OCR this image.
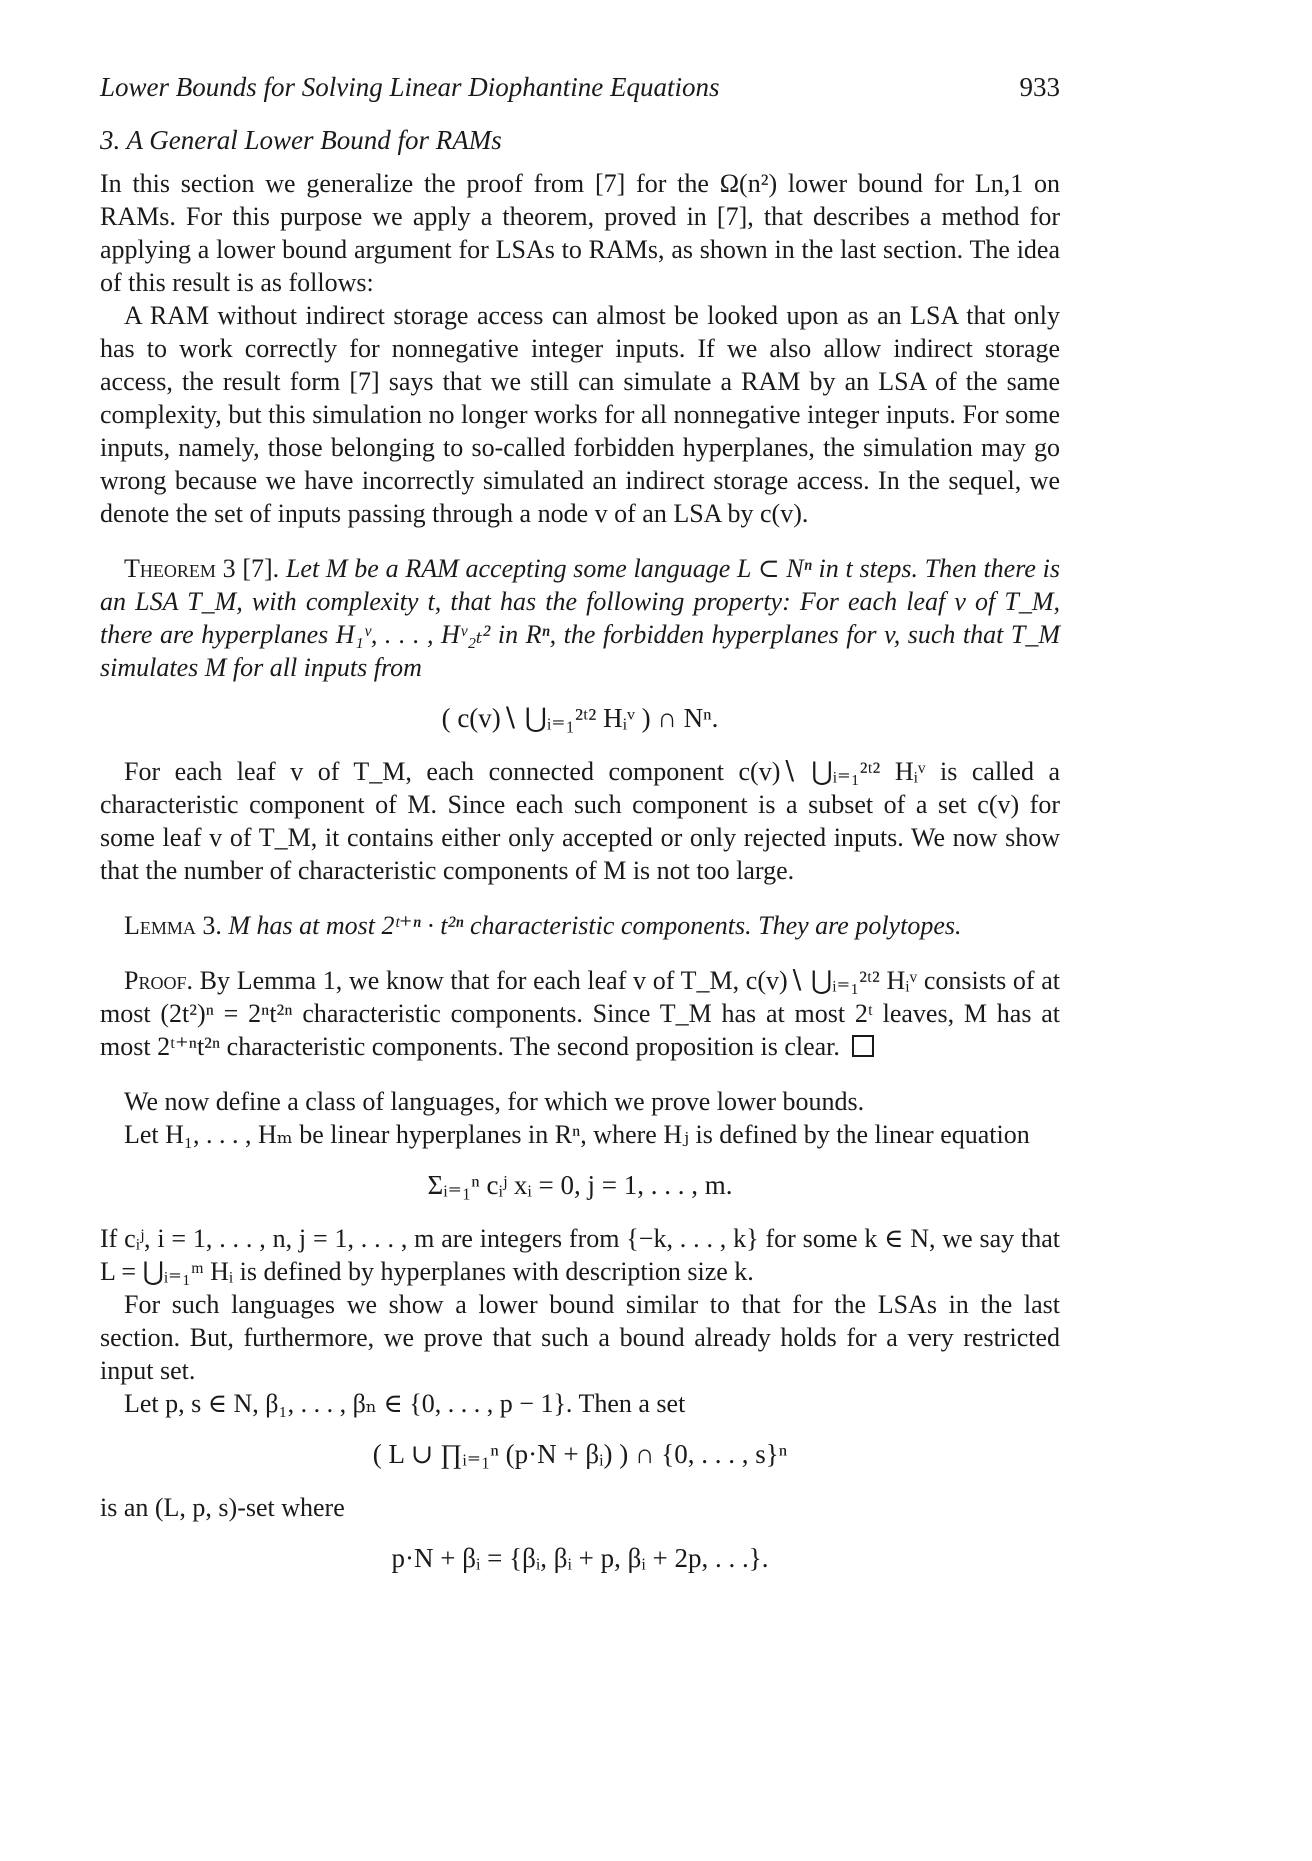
Lower Bounds for Solving Linear Diophantine Equations	933
3. A General Lower Bound for RAMs

In this section we generalize the proof from [7] for the Ω(n²) lower bound for Ln,1 on RAMs. For this purpose we apply a theorem, proved in [7], that describes a method for applying a lower bound argument for LSAs to RAMs, as shown in the last section. The idea of this result is as follows:

A RAM without indirect storage access can almost be looked upon as an LSA that only has to work correctly for nonnegative integer inputs. If we also allow indirect storage access, the result form [7] says that we still can simulate a RAM by an LSA of the same complexity, but this simulation no longer works for all nonnegative integer inputs. For some inputs, namely, those belonging to so-called forbidden hyperplanes, the simulation may go wrong because we have incorrectly simulated an indirect storage access. In the sequel, we denote the set of inputs passing through a node v of an LSA by c(v).

Theorem 3 [7]. Let M be a RAM accepting some language L ⊂ Nⁿ in t steps. Then there is an LSA T_M, with complexity t, that has the following property: For each leaf v of T_M, there are hyperplanes H₁ᵛ, . . . , Hᵛ₂ₜ² in Rⁿ, the forbidden hyperplanes for v, such that T_M simulates M for all inputs from

( c(v)∖ ⋃ᵢ₌₁²ᵗ² Hᵢᵛ ) ∩ Nⁿ.

For each leaf v of T_M, each connected component c(v)∖ ⋃ᵢ₌₁²ᵗ² Hᵢᵛ is called a characteristic component of M. Since each such component is a subset of a set c(v) for some leaf v of T_M, it contains either only accepted or only rejected inputs. We now show that the number of characteristic components of M is not too large.

Lemma 3. M has at most 2ᵗ⁺ⁿ · t²ⁿ characteristic components. They are polytopes.

Proof. By Lemma 1, we know that for each leaf v of T_M, c(v)∖ ⋃ᵢ₌₁²ᵗ² Hᵢᵛ consists of at most (2t²)ⁿ = 2ⁿt²ⁿ characteristic components. Since T_M has at most 2ᵗ leaves, M has at most 2ᵗ⁺ⁿt²ⁿ characteristic components. The second proposition is clear.

We now define a class of languages, for which we prove lower bounds.

Let H₁, . . . , Hₘ be linear hyperplanes in Rⁿ, where Hⱼ is defined by the linear equation

Σᵢ₌₁ⁿ cᵢʲ xᵢ = 0, j = 1, . . . , m.

If cᵢʲ, i = 1, . . . , n, j = 1, . . . , m are integers from {−k, . . . , k} for some k ∈ N, we say that L = ⋃ᵢ₌₁ᵐ Hᵢ is defined by hyperplanes with description size k.

For such languages we show a lower bound similar to that for the LSAs in the last section. But, furthermore, we prove that such a bound already holds for a very restricted input set.

Let p, s ∈ N, β₁, . . . , βₙ ∈ {0, . . . , p − 1}. Then a set

( L ∪ ∏ᵢ₌₁ⁿ (p·N + βᵢ) ) ∩ {0, . . . , s}ⁿ

is an (L, p, s)-set where

p·N + βᵢ = {βᵢ, βᵢ + p, βᵢ + 2p, . . .}.
